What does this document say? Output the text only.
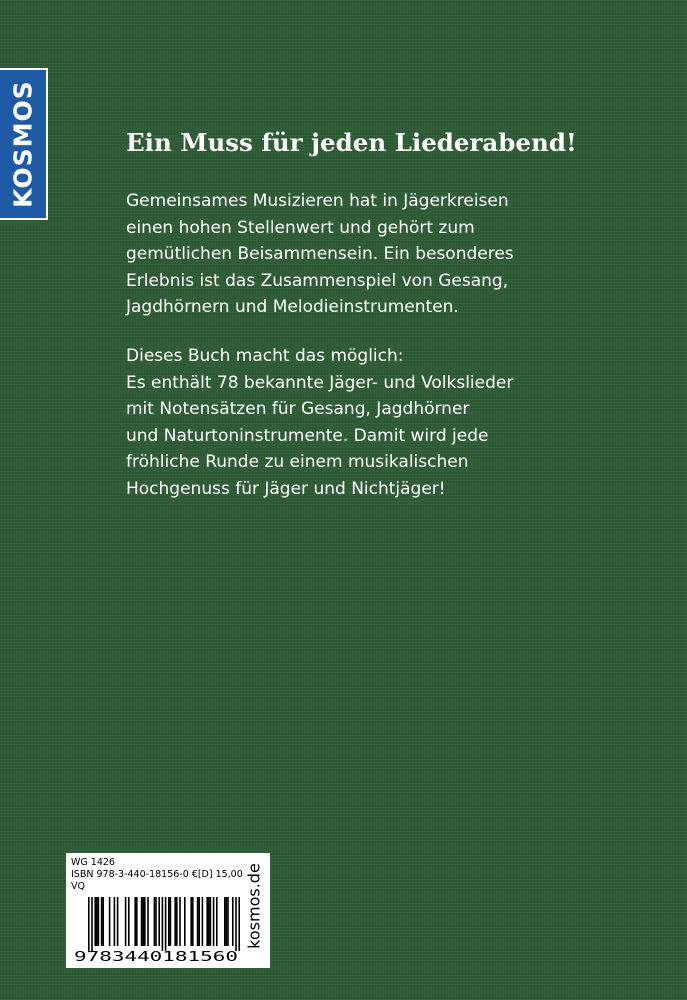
KOSMOS	Ein Muss für jeden Liederabend!

Gemeinsames Musizieren hat in Jägerkreisen
einen hohen Stellenwert und gehört zum
gemütlichen Beisammensein. Ein besonderes
Erlebnis ist das Zusammenspiel von Gesang,
Jagdhörnern und Melodieinstrumenten.

Dieses Buch macht das möglich:
Es enthält 78 bekannte Jäger- und Volkslieder
mit Notensätzen für Gesang, Jagdhörner
und Naturtoninstrumente. Damit wird jede
fröhliche Runde zu einem musikalischen
Hochgenuss für Jäger und Nichtjäger!

WG 1426
ISBN 978-3-440-18156-0 €[D] 15,00
VQ
9783440181560
kosmos.de
